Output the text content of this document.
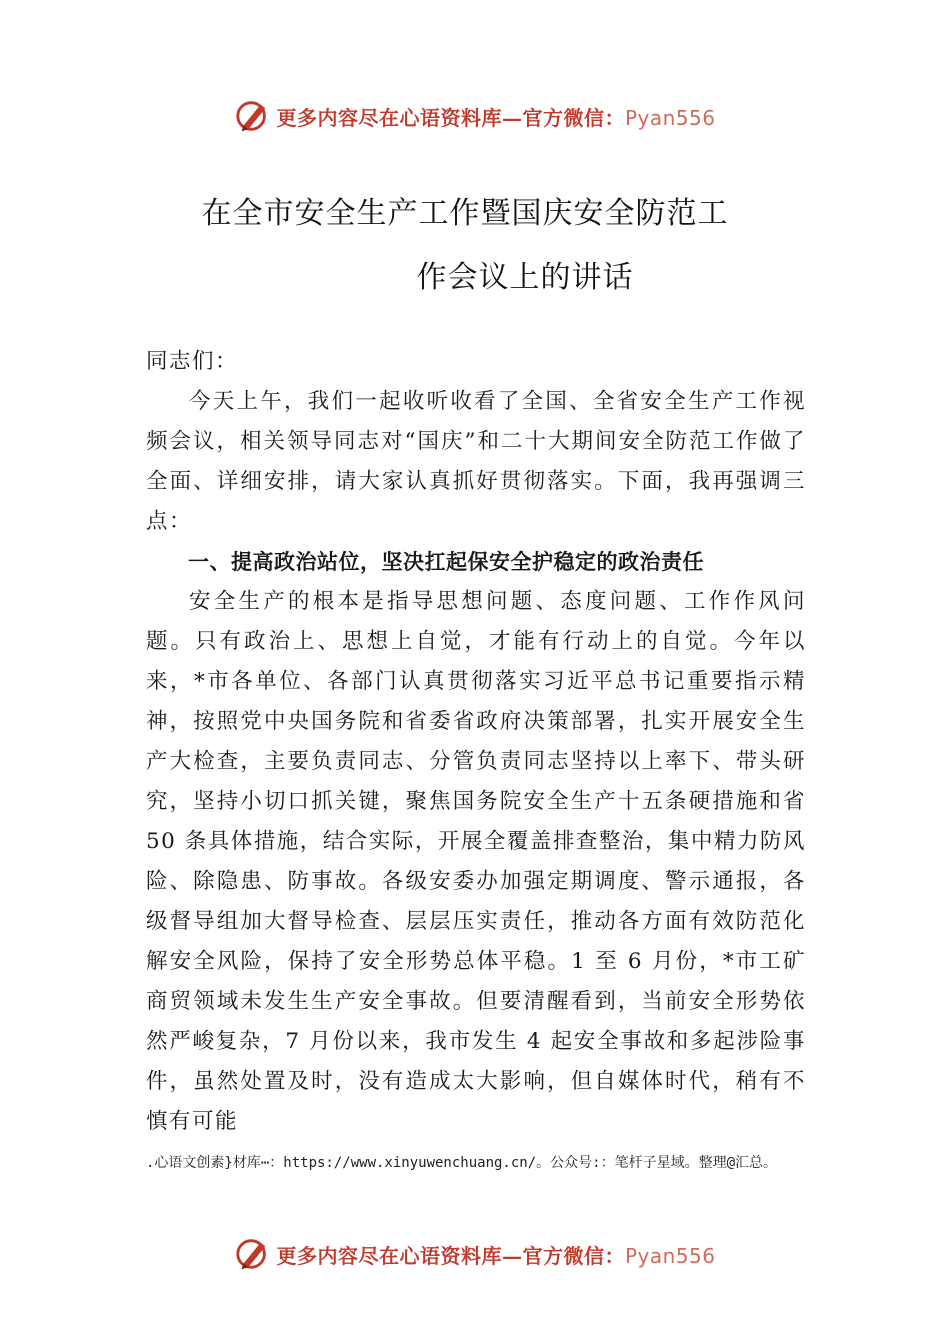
更多内容尽在心语资料库—官方微信：Pyan556
在全市安全生产工作暨国庆安全防范工
作会议上的讲话

同志们：

今天上午，我们一起收听收看了全国、全省安全生产工作视频会议，相关领导同志对“国庆”和二十大期间安全防范工作做了全面、详细安排，请大家认真抓好贯彻落实。下面，我再强调三点：

一、提高政治站位，坚决扛起保安全护稳定的政治责任

安全生产的根本是指导思想问题、态度问题、工作作风问题。只有政治上、思想上自觉，才能有行动上的自觉。今年以来，*市各单位、各部门认真贯彻落实习近平总书记重要指示精神，按照党中央国务院和省委省政府决策部署，扎实开展安全生产大检查，主要负责同志、分管负责同志坚持以上率下、带头研究，坚持小切口抓关键，聚焦国务院安全生产十五条硬措施和省 50 条具体措施，结合实际，开展全覆盖排查整治，集中精力防风险、除隐患、防事故。各级安委办加强定期调度、警示通报，各级督导组加大督导检查、层层压实责任，推动各方面有效防范化解安全风险，保持了安全形势总体平稳。1 至 6 月份，*市工矿商贸领域未发生生产安全事故。但要清醒看到，当前安全形势依然严峻复杂，7 月份以来，我市发生 4 起安全事故和多起涉险事件，虽然处置及时，没有造成太大影响，但自媒体时代，稍有不慎有可能

.心语文创素}材库⋯：https://www.xinyuwenchuang.cn/。公众号:：笔杆子星域。整理@汇总。
更多内容尽在心语资料库—官方微信：Pyan556
